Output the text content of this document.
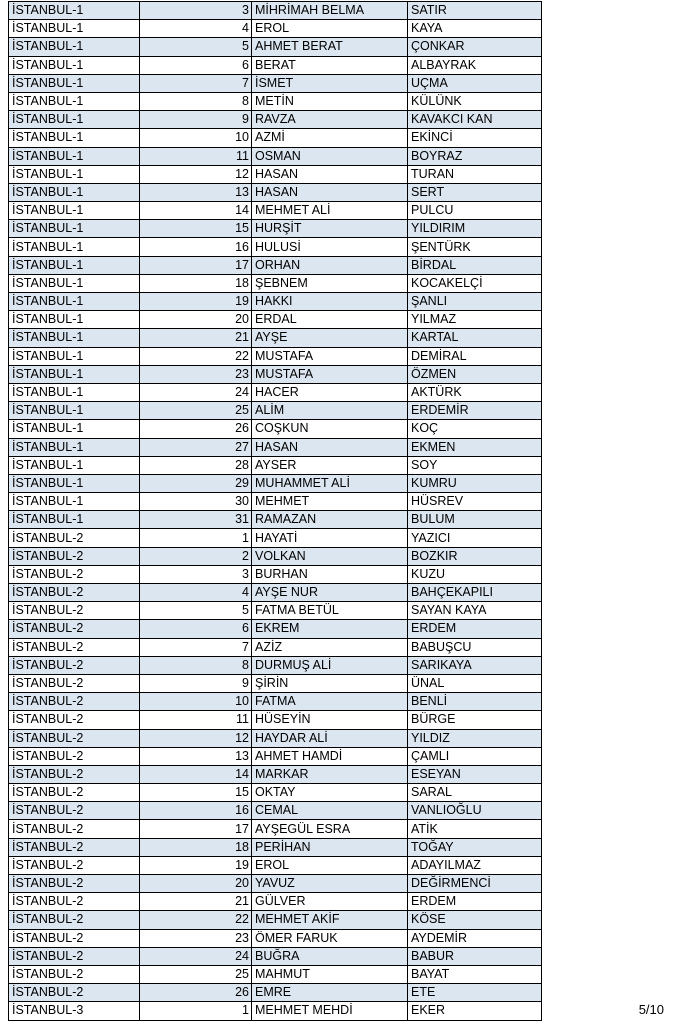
İSTANBUL-1	3	MİHRİMAH BELMA	SATIR
İSTANBUL-1	4	EROL	KAYA
İSTANBUL-1	5	AHMET BERAT	ÇONKAR
İSTANBUL-1	6	BERAT	ALBAYRAK
İSTANBUL-1	7	İSMET	UÇMA
İSTANBUL-1	8	METİN	KÜLÜNK
İSTANBUL-1	9	RAVZA	KAVAKCI KAN
İSTANBUL-1	10	AZMİ	EKİNCİ
İSTANBUL-1	11	OSMAN	BOYRAZ
İSTANBUL-1	12	HASAN	TURAN
İSTANBUL-1	13	HASAN	SERT
İSTANBUL-1	14	MEHMET ALİ	PULCU
İSTANBUL-1	15	HURŞİT	YILDIRIM
İSTANBUL-1	16	HULUSİ	ŞENTÜRK
İSTANBUL-1	17	ORHAN	BİRDAL
İSTANBUL-1	18	ŞEBNEM	KOCAKELÇİ
İSTANBUL-1	19	HAKKI	ŞANLI
İSTANBUL-1	20	ERDAL	YILMAZ
İSTANBUL-1	21	AYŞE	KARTAL
İSTANBUL-1	22	MUSTAFA	DEMİRAL
İSTANBUL-1	23	MUSTAFA	ÖZMEN
İSTANBUL-1	24	HACER	AKTÜRK
İSTANBUL-1	25	ALİM	ERDEMİR
İSTANBUL-1	26	COŞKUN	KOÇ
İSTANBUL-1	27	HASAN	EKMEN
İSTANBUL-1	28	AYSER	SOY
İSTANBUL-1	29	MUHAMMET ALİ	KUMRU
İSTANBUL-1	30	MEHMET	HÜSREV
İSTANBUL-1	31	RAMAZAN	BULUM
İSTANBUL-2	1	HAYATİ	YAZICI
İSTANBUL-2	2	VOLKAN	BOZKIR
İSTANBUL-2	3	BURHAN	KUZU
İSTANBUL-2	4	AYŞE NUR	BAHÇEKAPILI
İSTANBUL-2	5	FATMA BETÜL	SAYAN KAYA
İSTANBUL-2	6	EKREM	ERDEM
İSTANBUL-2	7	AZİZ	BABUŞCU
İSTANBUL-2	8	DURMUŞ ALİ	SARIKAYA
İSTANBUL-2	9	ŞİRİN	ÜNAL
İSTANBUL-2	10	FATMA	BENLİ
İSTANBUL-2	11	HÜSEYİN	BÜRGE
İSTANBUL-2	12	HAYDAR ALİ	YILDIZ
İSTANBUL-2	13	AHMET HAMDİ	ÇAMLI
İSTANBUL-2	14	MARKAR	ESEYAN
İSTANBUL-2	15	OKTAY	SARAL
İSTANBUL-2	16	CEMAL	VANLIOĞLU
İSTANBUL-2	17	AYŞEGÜL ESRA	ATİK
İSTANBUL-2	18	PERİHAN	TOĞAY
İSTANBUL-2	19	EROL	ADAYILMAZ
İSTANBUL-2	20	YAVUZ	DEĞİRMENCİ
İSTANBUL-2	21	GÜLVER	ERDEM
İSTANBUL-2	22	MEHMET AKİF	KÖSE
İSTANBUL-2	23	ÖMER FARUK	AYDEMİR
İSTANBUL-2	24	BUĞRA	BABUR
İSTANBUL-2	25	MAHMUT	BAYAT
İSTANBUL-2	26	EMRE	ETE
İSTANBUL-3	1	MEHMET MEHDİ	EKER	5/10
